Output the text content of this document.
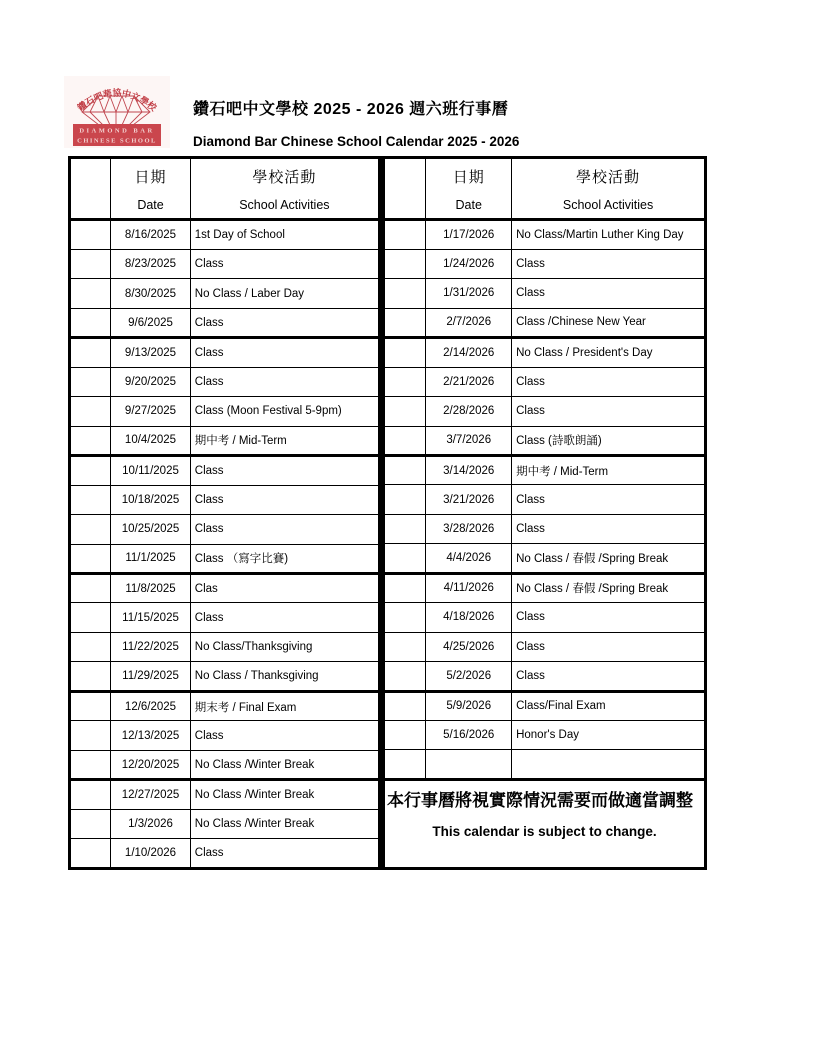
鑽石吧華協中文學校
DIAMOND BAR
CHINESE SCHOOL
鑽石吧中文學校 2025 - 2026 週六班行事曆
Diamond Bar Chinese School Calendar 2025 - 2026

日期
Date

學校活動
School Activities

	8/16/2025	1st Day of School
	8/23/2025	Class
	8/30/2025	No Class / Laber Day
	9/6/2025	Class
	9/13/2025	Class
	9/20/2025	Class
	9/27/2025	Class (Moon Festival 5-9pm)
	10/4/2025	期中考 / Mid-Term
	10/11/2025	Class
	10/18/2025	Class
	10/25/2025	Class
	11/1/2025	Class （寫字比賽)
	11/8/2025	Clas
	11/15/2025	Class
	11/22/2025	No Class/Thanksgiving
	11/29/2025	No Class / Thanksgiving
	12/6/2025	期末考 / Final Exam
	12/13/2025	Class
	12/20/2025	No Class /Winter Break
	12/27/2025	No Class /Winter Break
	1/3/2026	No Class /Winter Break
	1/10/2026	Class

日期
Date

學校活動
School Activities

	1/17/2026	No Class/Martin Luther King Day
	1/24/2026	Class
	1/31/2026	Class
	2/7/2026	Class /Chinese New Year
	2/14/2026	No Class / President's Day
	2/21/2026	Class
	2/28/2026	Class
	3/7/2026	Class (詩歌朗誦)
	3/14/2026	期中考 / Mid-Term
	3/21/2026	Class
	3/28/2026	Class
	4/4/2026	No Class / 春假 /Spring Break
	4/11/2026	No Class / 春假 /Spring Break
	4/18/2026	Class
	4/25/2026	Class
	5/2/2026	Class
	5/9/2026	Class/Final Exam
	5/16/2026	Honor's Day

本行事曆將視實際情況需要而做適當調整
This calendar is subject to change.
